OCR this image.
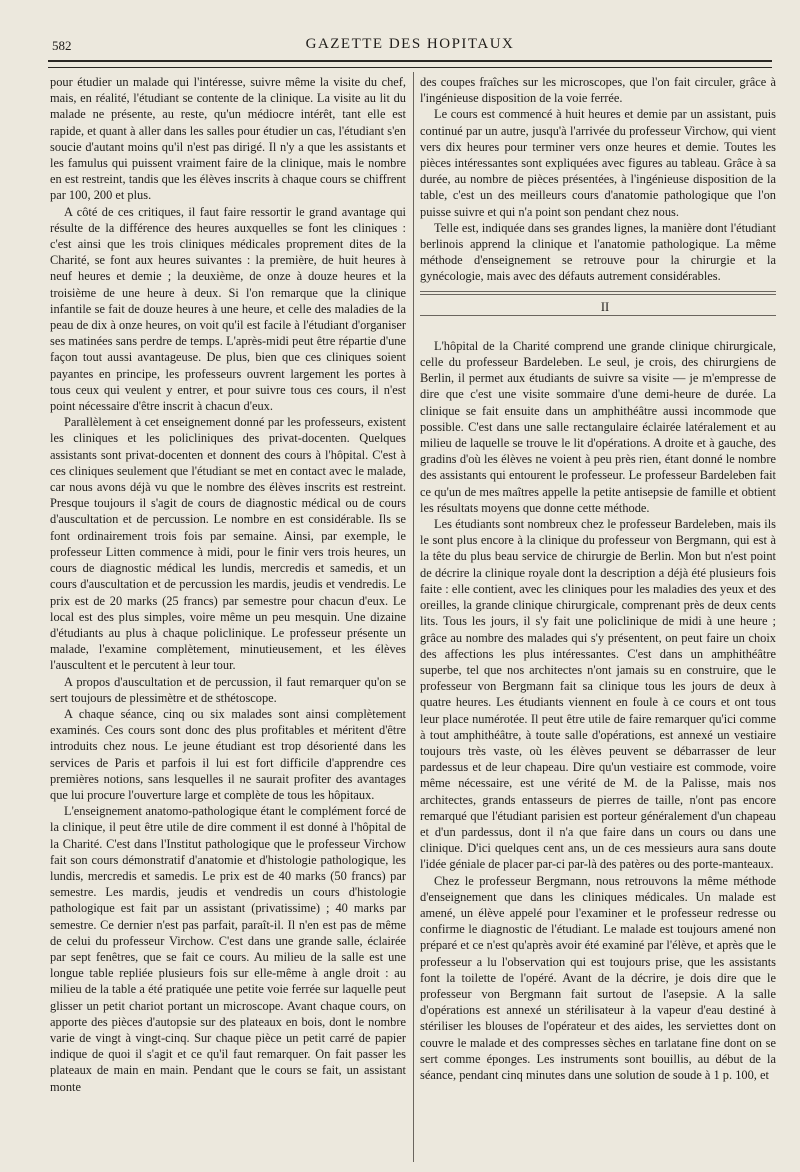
582	GAZETTE DES HOPITAUX

pour étudier un malade qui l'intéresse, suivre même la visite du chef, mais, en réalité, l'étudiant se contente de la clinique. La visite au lit du malade ne présente, au reste, qu'un médiocre intérêt, tant elle est rapide, et quant à aller dans les salles pour étudier un cas, l'étudiant s'en soucie d'autant moins qu'il n'est pas dirigé. Il n'y a que les assistants et les famulus qui puissent vraiment faire de la clinique, mais le nombre en est restreint, tandis que les élèves inscrits à chaque cours se chiffrent par 100, 200 et plus.

A côté de ces critiques, il faut faire ressortir le grand avantage qui résulte de la différence des heures auxquelles se font les cliniques : c'est ainsi que les trois cliniques médicales proprement dites de la Charité, se font aux heures suivantes : la première, de huit heures à neuf heures et demie ; la deuxième, de onze à douze heures et la troisième de une heure à deux. Si l'on remarque que la clinique infantile se fait de douze heures à une heure, et celle des maladies de la peau de dix à onze heures, on voit qu'il est facile à l'étudiant d'organiser ses matinées sans perdre de temps. L'après-midi peut être répartie d'une façon tout aussi avantageuse. De plus, bien que ces cliniques soient payantes en principe, les professeurs ouvrent largement les portes à tous ceux qui veulent y entrer, et pour suivre tous ces cours, il n'est point nécessaire d'être inscrit à chacun d'eux.

Parallèlement à cet enseignement donné par les professeurs, existent les cliniques et les policliniques des privat-docenten. Quelques assistants sont privat-docenten et donnent des cours à l'hôpital. C'est à ces cliniques seulement que l'étudiant se met en contact avec le malade, car nous avons déjà vu que le nombre des élèves inscrits est restreint. Presque toujours il s'agit de cours de diagnostic médical ou de cours d'auscultation et de percussion. Le nombre en est considérable. Ils se font ordinairement trois fois par semaine. Ainsi, par exemple, le professeur Litten commence à midi, pour le finir vers trois heures, un cours de diagnostic médical les lundis, mercredis et samedis, et un cours d'auscultation et de percussion les mardis, jeudis et vendredis. Le prix est de 20 marks (25 francs) par semestre pour chacun d'eux. Le local est des plus simples, voire même un peu mesquin. Une dizaine d'étudiants au plus à chaque policlinique. Le professeur présente un malade, l'examine complètement, minutieusement, et les élèves l'auscultent et le percutent à leur tour.

A propos d'auscultation et de percussion, il faut remarquer qu'on se sert toujours de plessimètre et de sthétoscope.

A chaque séance, cinq ou six malades sont ainsi complètement examinés. Ces cours sont donc des plus profitables et méritent d'être introduits chez nous. Le jeune étudiant est trop désorienté dans les services de Paris et parfois il lui est fort difficile d'apprendre ces premières notions, sans lesquelles il ne saurait profiter des avantages que lui procure l'ouverture large et complète de tous les hôpitaux.

L'enseignement anatomo-pathologique étant le complément forcé de la clinique, il peut être utile de dire comment il est donné à l'hôpital de la Charité. C'est dans l'Institut pathologique que le professeur Virchow fait son cours démonstratif d'anatomie et d'histologie pathologique, les lundis, mercredis et samedis. Le prix est de 40 marks (50 francs) par semestre. Les mardis, jeudis et vendredis un cours d'histologie pathologique est fait par un assistant (privatissime) ; 40 marks par semestre. Ce dernier n'est pas parfait, paraît-il. Il n'en est pas de même de celui du professeur Virchow. C'est dans une grande salle, éclairée par sept fenêtres, que se fait ce cours. Au milieu de la salle est une longue table repliée plusieurs fois sur elle-même à angle droit : au milieu de la table a été pratiquée une petite voie ferrée sur laquelle peut glisser un petit chariot portant un microscope. Avant chaque cours, on apporte des pièces d'autopsie sur des plateaux en bois, dont le nombre varie de vingt à vingt-cinq. Sur chaque pièce un petit carré de papier indique de quoi il s'agit et ce qu'il faut remarquer. On fait passer les plateaux de main en main. Pendant que le cours se fait, un assistant monte

des coupes fraîches sur les microscopes, que l'on fait circuler, grâce à l'ingénieuse disposition de la voie ferrée.

Le cours est commencé à huit heures et demie par un assistant, puis continué par un autre, jusqu'à l'arrivée du professeur Virchow, qui vient vers dix heures pour terminer vers onze heures et demie. Toutes les pièces intéressantes sont expliquées avec figures au tableau. Grâce à sa durée, au nombre de pièces présentées, à l'ingénieuse disposition de la table, c'est un des meilleurs cours d'anatomie pathologique que l'on puisse suivre et qui n'a point son pendant chez nous.

Telle est, indiquée dans ses grandes lignes, la manière dont l'étudiant berlinois apprend la clinique et l'anatomie pathologique. La même méthode d'enseignement se retrouve pour la chirurgie et la gynécologie, mais avec des défauts autrement considérables.

II

L'hôpital de la Charité comprend une grande clinique chirurgicale, celle du professeur Bardeleben. Le seul, je crois, des chirurgiens de Berlin, il permet aux étudiants de suivre sa visite — je m'empresse de dire que c'est une visite sommaire d'une demi-heure de durée. La clinique se fait ensuite dans un amphithéâtre aussi incommode que possible. C'est dans une salle rectangulaire éclairée latéralement et au milieu de laquelle se trouve le lit d'opérations. A droite et à gauche, des gradins d'où les élèves ne voient à peu près rien, étant donné le nombre des assistants qui entourent le professeur. Le professeur Bardeleben fait ce qu'un de mes maîtres appelle la petite antisepsie de famille et obtient les résultats moyens que donne cette méthode.

Les étudiants sont nombreux chez le professeur Bardeleben, mais ils le sont plus encore à la clinique du professeur von Bergmann, qui est à la tête du plus beau service de chirurgie de Berlin. Mon but n'est point de décrire la clinique royale dont la description a déjà été plusieurs fois faite : elle contient, avec les cliniques pour les maladies des yeux et des oreilles, la grande clinique chirurgicale, comprenant près de deux cents lits. Tous les jours, il s'y fait une policlinique de midi à une heure ; grâce au nombre des malades qui s'y présentent, on peut faire un choix des affections les plus intéressantes. C'est dans un amphithéâtre superbe, tel que nos architectes n'ont jamais su en construire, que le professeur von Bergmann fait sa clinique tous les jours de deux à quatre heures. Les étudiants viennent en foule à ce cours et ont tous leur place numérotée. Il peut être utile de faire remarquer qu'ici comme à tout amphithéâtre, à toute salle d'opérations, est annexé un vestiaire toujours très vaste, où les élèves peuvent se débarrasser de leur pardessus et de leur chapeau. Dire qu'un vestiaire est commode, voire même nécessaire, est une vérité de M. de la Palisse, mais nos architectes, grands entasseurs de pierres de taille, n'ont pas encore remarqué que l'étudiant parisien est porteur généralement d'un chapeau et d'un pardessus, dont il n'a que faire dans un cours ou dans une clinique. D'ici quelques cent ans, un de ces messieurs aura sans doute l'idée géniale de placer par-ci par-là des patères ou des porte-manteaux.

Chez le professeur Bergmann, nous retrouvons la même méthode d'enseignement que dans les cliniques médicales. Un malade est amené, un élève appelé pour l'examiner et le professeur redresse ou confirme le diagnostic de l'étudiant. Le malade est toujours amené non préparé et ce n'est qu'après avoir été examiné par l'élève, et après que le professeur a lu l'observation qui est toujours prise, que les assistants font la toilette de l'opéré. Avant de la décrire, je dois dire que le professeur von Bergmann fait surtout de l'asepsie. A la salle d'opérations est annexé un stérilisateur à la vapeur d'eau destiné à stériliser les blouses de l'opérateur et des aides, les serviettes dont on couvre le malade et des compresses sèches en tarlatane fine dont on se sert comme éponges. Les instruments sont bouillis, au début de la séance, pendant cinq minutes dans une solution de soude à 1 p. 100, et
